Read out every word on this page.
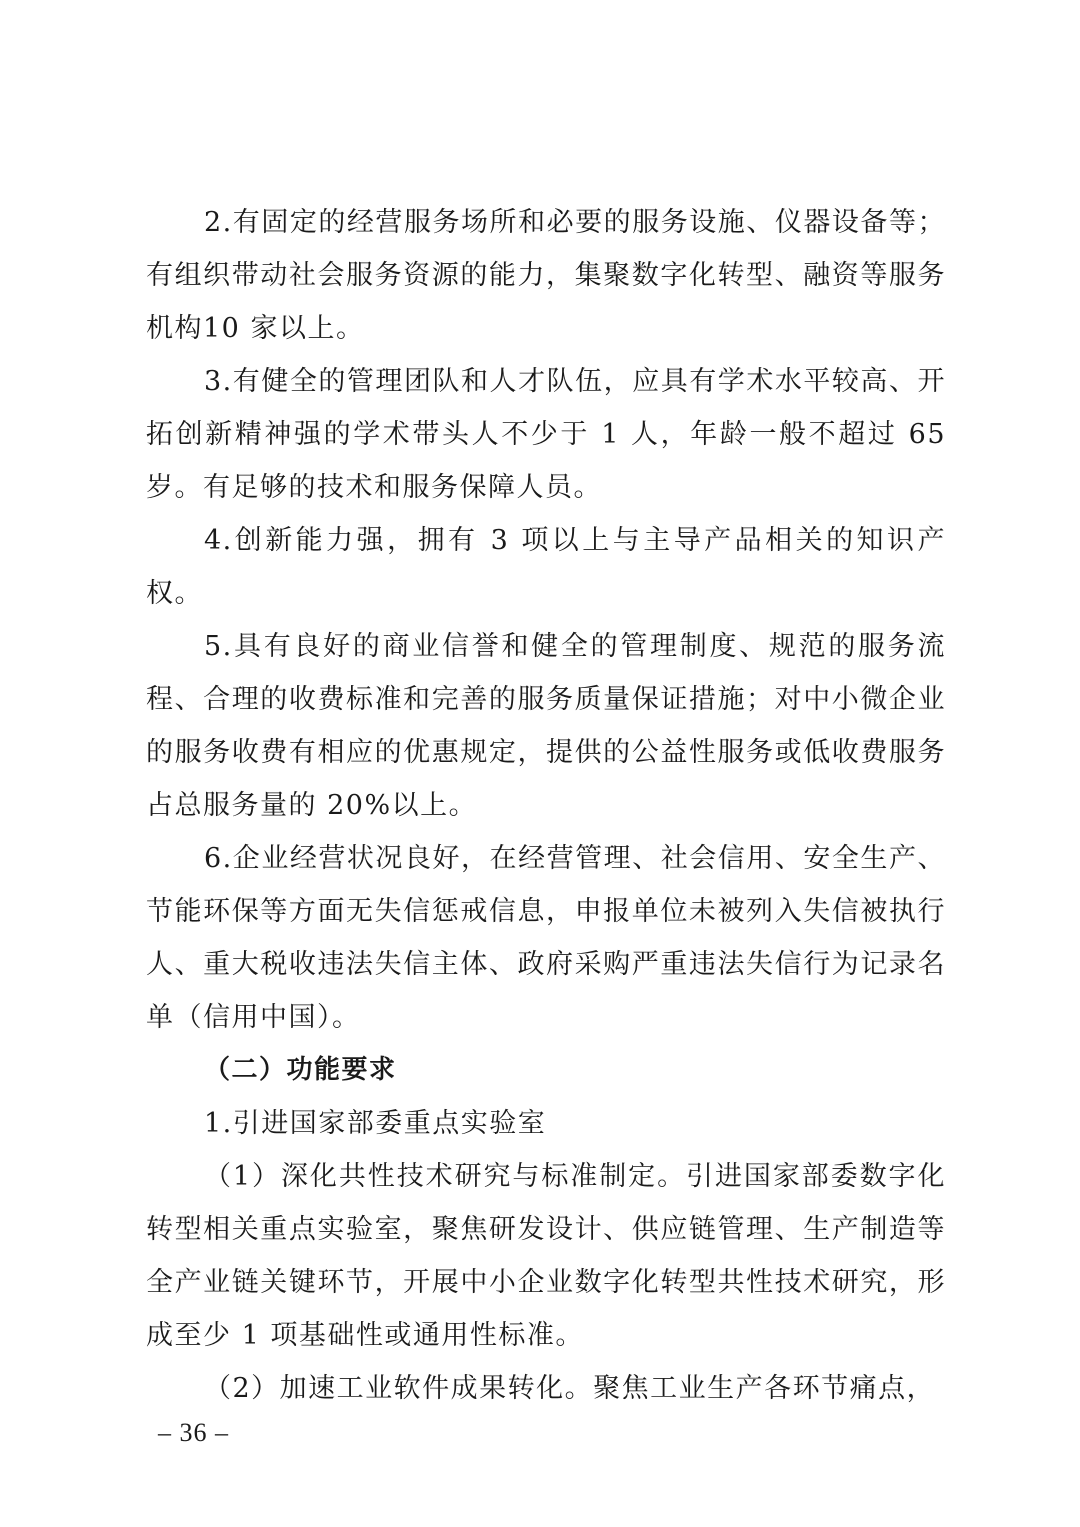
2.有固定的经营服务场所和必要的服务设施、仪器设备等；有组织带动社会服务资源的能力，集聚数字化转型、融资等服务机构10 家以上。

3.有健全的管理团队和人才队伍，应具有学术水平较高、开拓创新精神强的学术带头人不少于 1 人，年龄一般不超过 65 岁。有足够的技术和服务保障人员。

4.创新能力强，拥有 3 项以上与主导产品相关的知识产权。

5.具有良好的商业信誉和健全的管理制度、规范的服务流程、合理的收费标准和完善的服务质量保证措施；对中小微企业的服务收费有相应的优惠规定，提供的公益性服务或低收费服务占总服务量的 20%以上。

6.企业经营状况良好，在经营管理、社会信用、安全生产、节能环保等方面无失信惩戒信息，申报单位未被列入失信被执行人、重大税收违法失信主体、政府采购严重违法失信行为记录名单（信用中国）。

（二）功能要求

1.引进国家部委重点实验室

（1）深化共性技术研究与标准制定。引进国家部委数字化转型相关重点实验室，聚焦研发设计、供应链管理、生产制造等全产业链关键环节，开展中小企业数字化转型共性技术研究，形成至少 1 项基础性或通用性标准。

（2）加速工业软件成果转化。聚焦工业生产各环节痛点，

– 36 –
